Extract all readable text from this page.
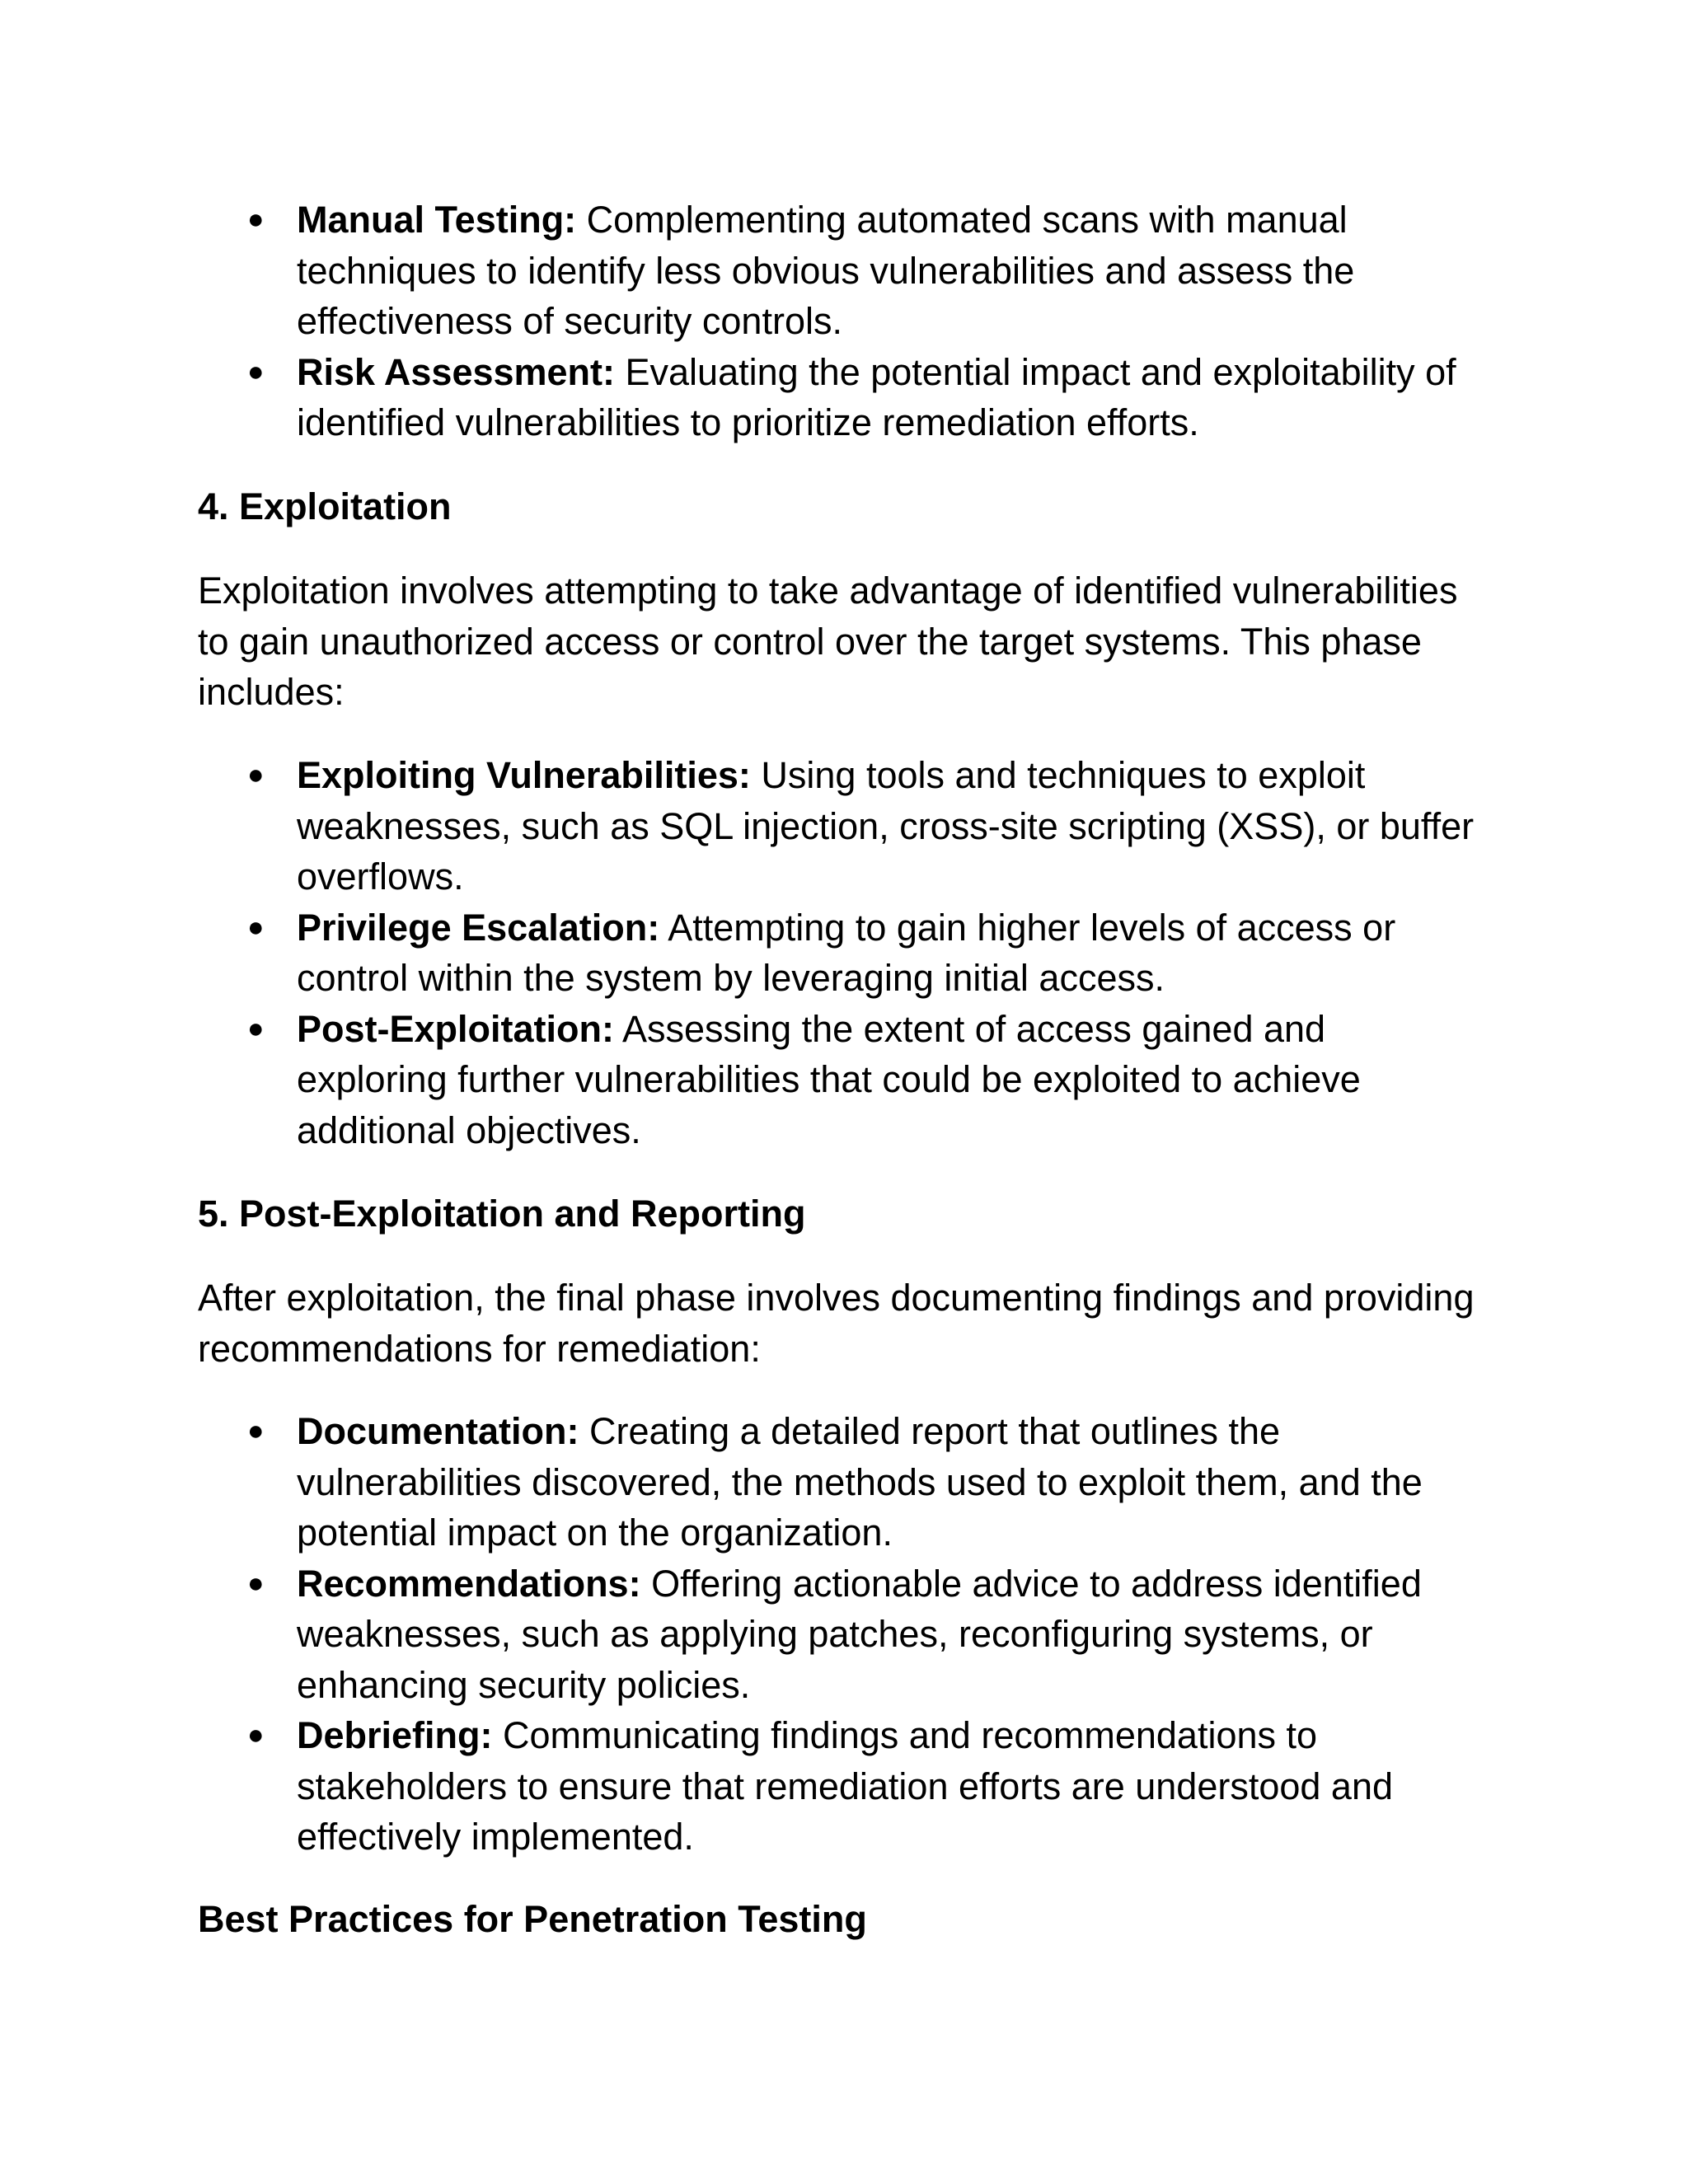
● Manual Testing: Complementing automated scans with manual techniques to identify less obvious vulnerabilities and assess the effectiveness of security controls.
● Risk Assessment: Evaluating the potential impact and exploitability of identified vulnerabilities to prioritize remediation efforts.
4. Exploitation

Exploitation involves attempting to take advantage of identified vulnerabilities to gain unauthorized access or control over the target systems. This phase includes:

● Exploiting Vulnerabilities: Using tools and techniques to exploit weaknesses, such as SQL injection, cross-site scripting (XSS), or buffer overflows.
● Privilege Escalation: Attempting to gain higher levels of access or control within the system by leveraging initial access.
● Post-Exploitation: Assessing the extent of access gained and exploring further vulnerabilities that could be exploited to achieve additional objectives.
5. Post-Exploitation and Reporting

After exploitation, the final phase involves documenting findings and providing recommendations for remediation:

● Documentation: Creating a detailed report that outlines the vulnerabilities discovered, the methods used to exploit them, and the potential impact on the organization.
● Recommendations: Offering actionable advice to address identified weaknesses, such as applying patches, reconfiguring systems, or enhancing security policies.
● Debriefing: Communicating findings and recommendations to stakeholders to ensure that remediation efforts are understood and effectively implemented.
Best Practices for Penetration Testing
